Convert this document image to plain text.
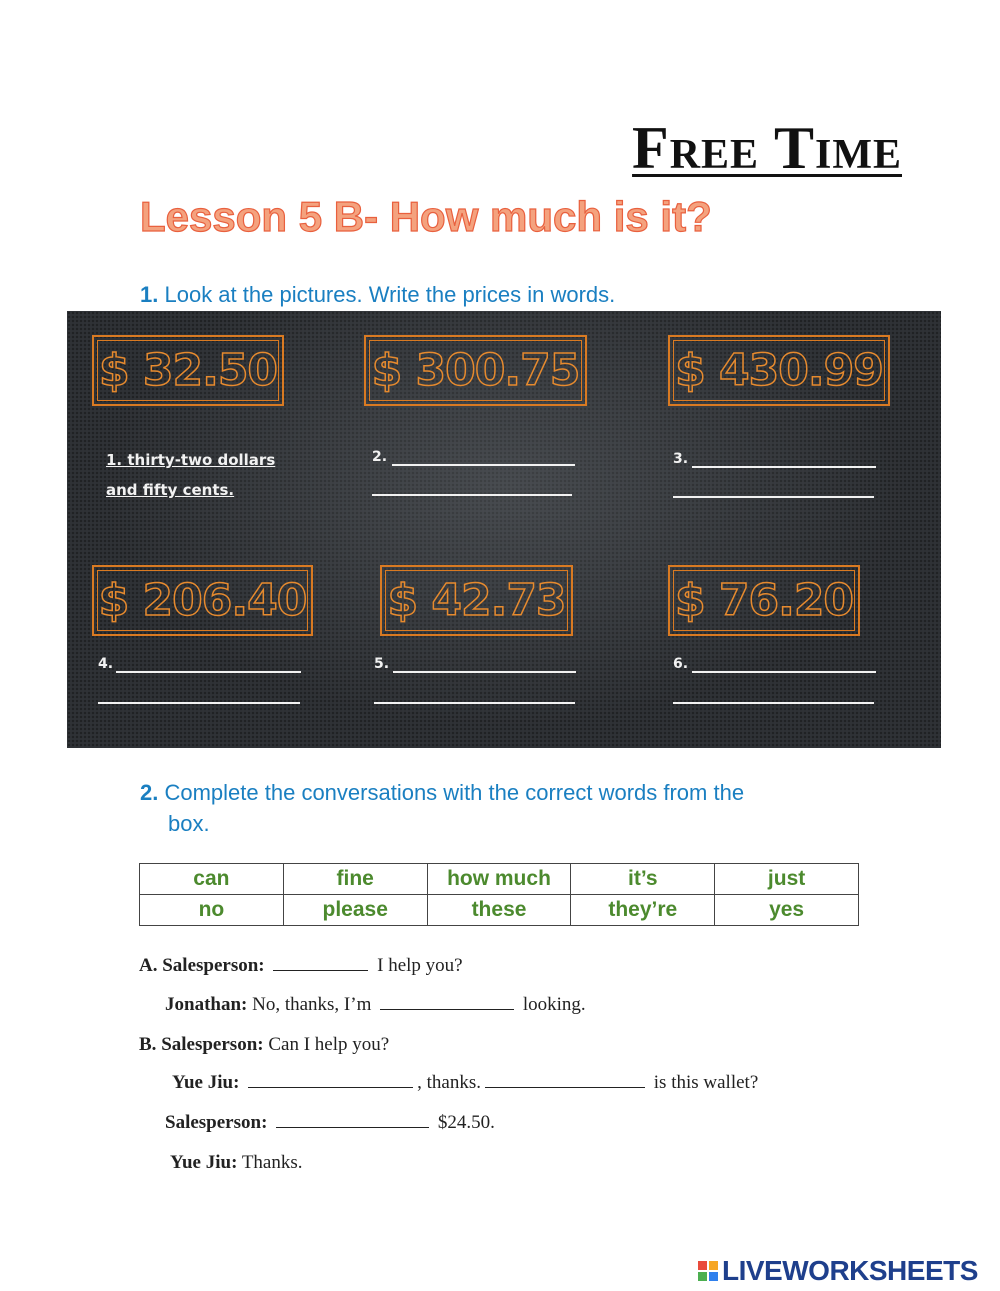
Free Time
Lesson 5 B- How much is it?
1. Look at the pictures. Write the prices in words.
$ 32.50 $ 300.75 $ 430.99
$ 206.40 $ 42.73 $ 76.20
1. thirty-two dollars
and fifty cents.
2.	3.
4.	5.	6.
2. Complete the conversations with the correct words from the
box.
can	fine	how much	it’s	just
no	please	these	they’re	yes
A. Salesperson:	I help you?
Jonathan: No, thanks, I’m	looking.
B. Salesperson: Can I help you?
Yue Jiu:	, thanks.	is this wallet?
Salesperson:	$24.50.
Yue Jiu: Thanks.
LIVEWORKSHEETS
